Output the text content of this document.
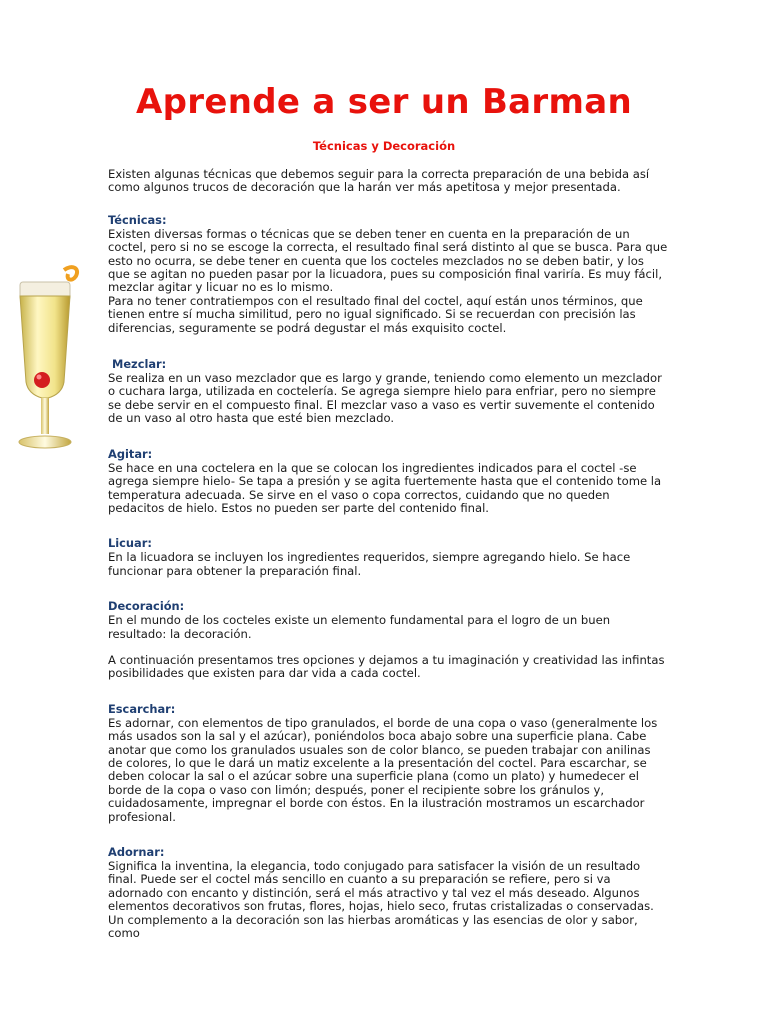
Aprende a ser un Barman
Técnicas y Decoración

Existen algunas técnicas que debemos seguir para la correcta preparación de una bebida así como algunos trucos de decoración que la harán ver más apetitosa y mejor presentada.

Técnicas:

Existen diversas formas o técnicas que se deben tener en cuenta en la preparación de un coctel, pero si no se escoge la correcta, el resultado final será distinto al que se busca. Para que esto no ocurra, se debe tener en cuenta que los cocteles mezclados no se deben batir, y los que se agitan no pueden pasar por la licuadora, pues su composición final variría. Es muy fácil, mezclar agitar y licuar no es lo mismo.

Para no tener contratiempos con el resultado final del coctel, aquí están unos términos, que tienen entre sí mucha similitud, pero no igual significado. Si se recuerdan con precisión las diferencias, seguramente se podrá degustar el más exquisito coctel.

Mezclar:

Se realiza en un vaso mezclador que es largo y grande, teniendo como elemento un mezclador o cuchara larga, utilizada en coctelería. Se agrega siempre hielo para enfriar, pero no siempre se debe servir en el compuesto final. El mezclar vaso a vaso es vertir suvemente el contenido de un vaso al otro hasta que esté bien mezclado.

Agitar:

Se hace en una coctelera en la que se colocan los ingredientes indicados para el coctel -se agrega siempre hielo- Se tapa a presión y se agita fuertemente hasta que el contenido tome la temperatura adecuada. Se sirve en el vaso o copa correctos, cuidando que no queden pedacitos de hielo. Estos no pueden ser parte del contenido final.

Licuar:

En la licuadora se incluyen los ingredientes requeridos, siempre agregando hielo. Se hace funcionar para obtener la preparación final.

Decoración:

En el mundo de los cocteles existe un elemento fundamental para el logro de un buen resultado: la decoración.

A continuación presentamos tres opciones y dejamos a tu imaginación y creatividad las infintas posibilidades que existen para dar vida a cada coctel.

Escarchar:

Es adornar, con elementos de tipo granulados, el borde de una copa o vaso (generalmente los más usados son la sal y el azúcar), poniéndolos boca abajo sobre una superficie plana. Cabe anotar que como los granulados usuales son de color blanco, se pueden trabajar con anilinas de colores, lo que le dará un matiz excelente a la presentación del coctel. Para escarchar, se deben colocar la sal o el azúcar sobre una superficie plana (como un plato) y humedecer el borde de la copa o vaso con limón; después, poner el recipiente sobre los gránulos y, cuidadosamente, impregnar el borde con éstos. En la ilustración mostramos un escarchador profesional.

Adornar:

Significa la inventina, la elegancia, todo conjugado para satisfacer la visión de un resultado final. Puede ser el coctel más sencillo en cuanto a su preparación se refiere, pero si va adornado con encanto y distinción, será el más atractivo y tal vez el más deseado. Algunos elementos decorativos son frutas, flores, hojas, hielo seco, frutas cristalizadas o conservadas.

Un complemento a la decoración son las hierbas aromáticas y las esencias de olor y sabor, como
